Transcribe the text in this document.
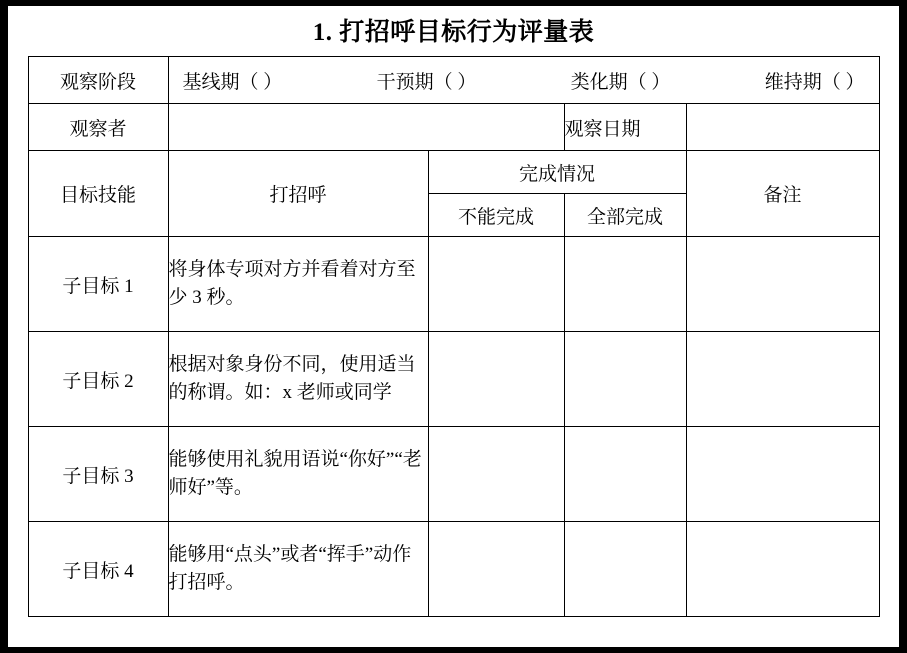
1. 打招呼目标行为评量表
观察阶段	基线期（ ） 干预期（ ） 类化期（ ） 维持期（ ）			

观察者			观察日期	
目标技能	打招呼	完成情况		备注
		不能完成	全部完成	
子目标 1	将身体专项对方并看着对方至少 3 秒。			
子目标 2	根据对象身份不同，使用适当的称谓。如：x 老师或同学			
子目标 3	能够使用礼貌用语说“你好”“老师好”等。			
子目标 4	能够用“点头”或者“挥手”动作打招呼。			
